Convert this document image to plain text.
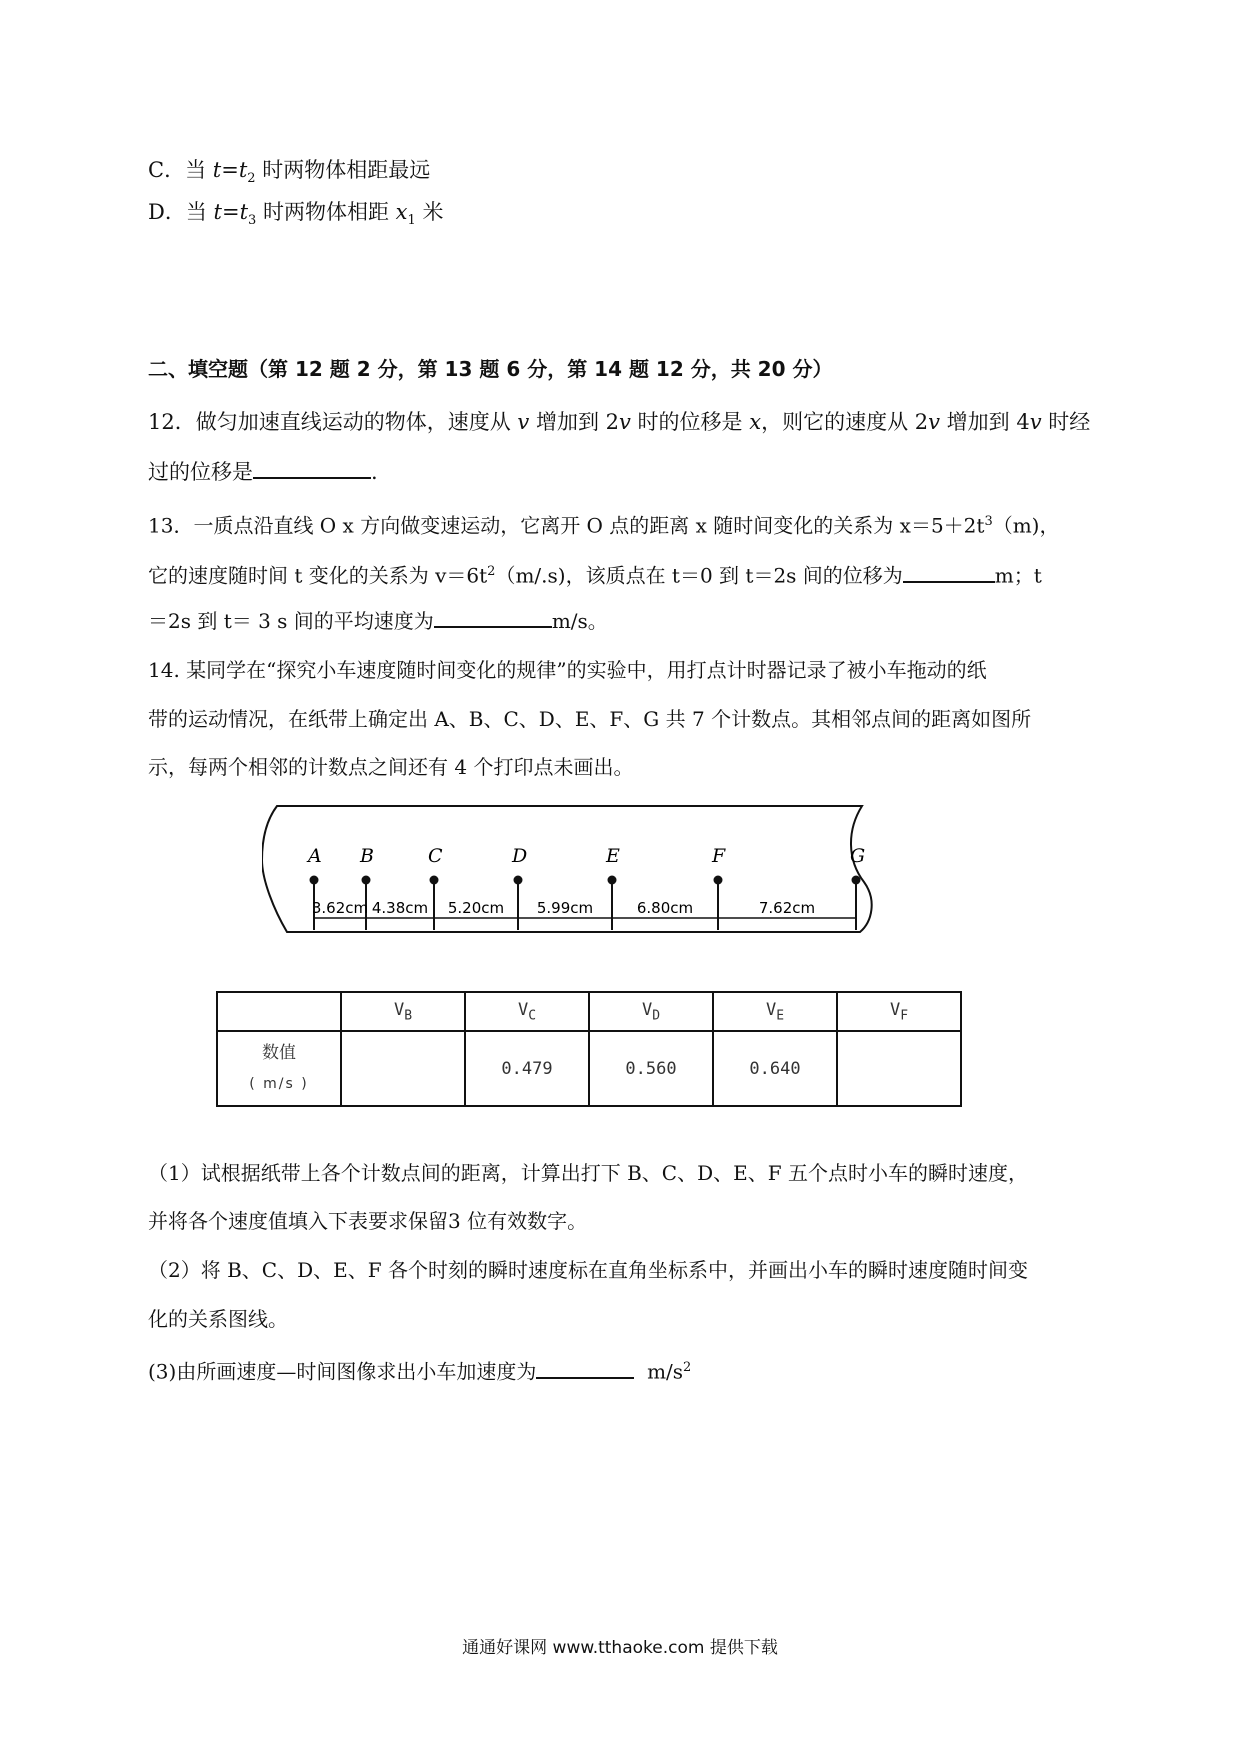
C．当 $t=t_2$ 时两物体相距最远
D．当 $t=t_3$ 时两物体相距 $x_1$ 米
二、填空题（第 12 题 2 分，第 13 题 6 分，第 14 题 12 分，共 20 分）
12．做匀加速直线运动的物体，速度从 v 增加到 2v 时的位移是 x，则它的速度从 2v 增加到 4v 时经
过的位移是	.
13．一质点沿直线 O x 方向做变速运动，它离开 O 点的距离 x 随时间变化的关系为 $x=5+2t^3(m)$，
它的速度随时间 t 变化的关系为 $v=6t^2(m/.s)$，该质点在 t＝0 到 t＝2s 间的位移为	m；t
＝2s 到 t＝ 3 s 间的平均速度为	m/s。
14. 某同学在“探究小车速度随时间变化的规律”的实验中，用打点计时器记录了被小车拖动的纸
带的运动情况，在纸带上确定出 A、B、C、D、E、F、G 共 7 个计数点。其相邻点间的距离如图所
示，每两个相邻的计数点之间还有 4 个打印点未画出。
A B	C	D	E	F	G
3.62cm 4.38cm 5.20cm 5.99cm	6.80cm	7.62cm
	$V_B$	$V_C$	$V_D$	$V_E$	$V_F$
数值
( m/s )		0.479	0.560	0.640	
（1）试根据纸带上各个计数点间的距离，计算出打下 B、C、D、E、F 五个点时小车的瞬时速度，
并将各个速度值填入下表要求保留3 位有效数字。
（2）将 B、C、D、E、F 各个时刻的瞬时速度标在直角坐标系中，并画出小车的瞬时速度随时间变
化的关系图线。
(3)由所画速度—时间图像求出小车加速度为	$m/s^2$
通通好课网 www.tthaoke.com 提供下载
